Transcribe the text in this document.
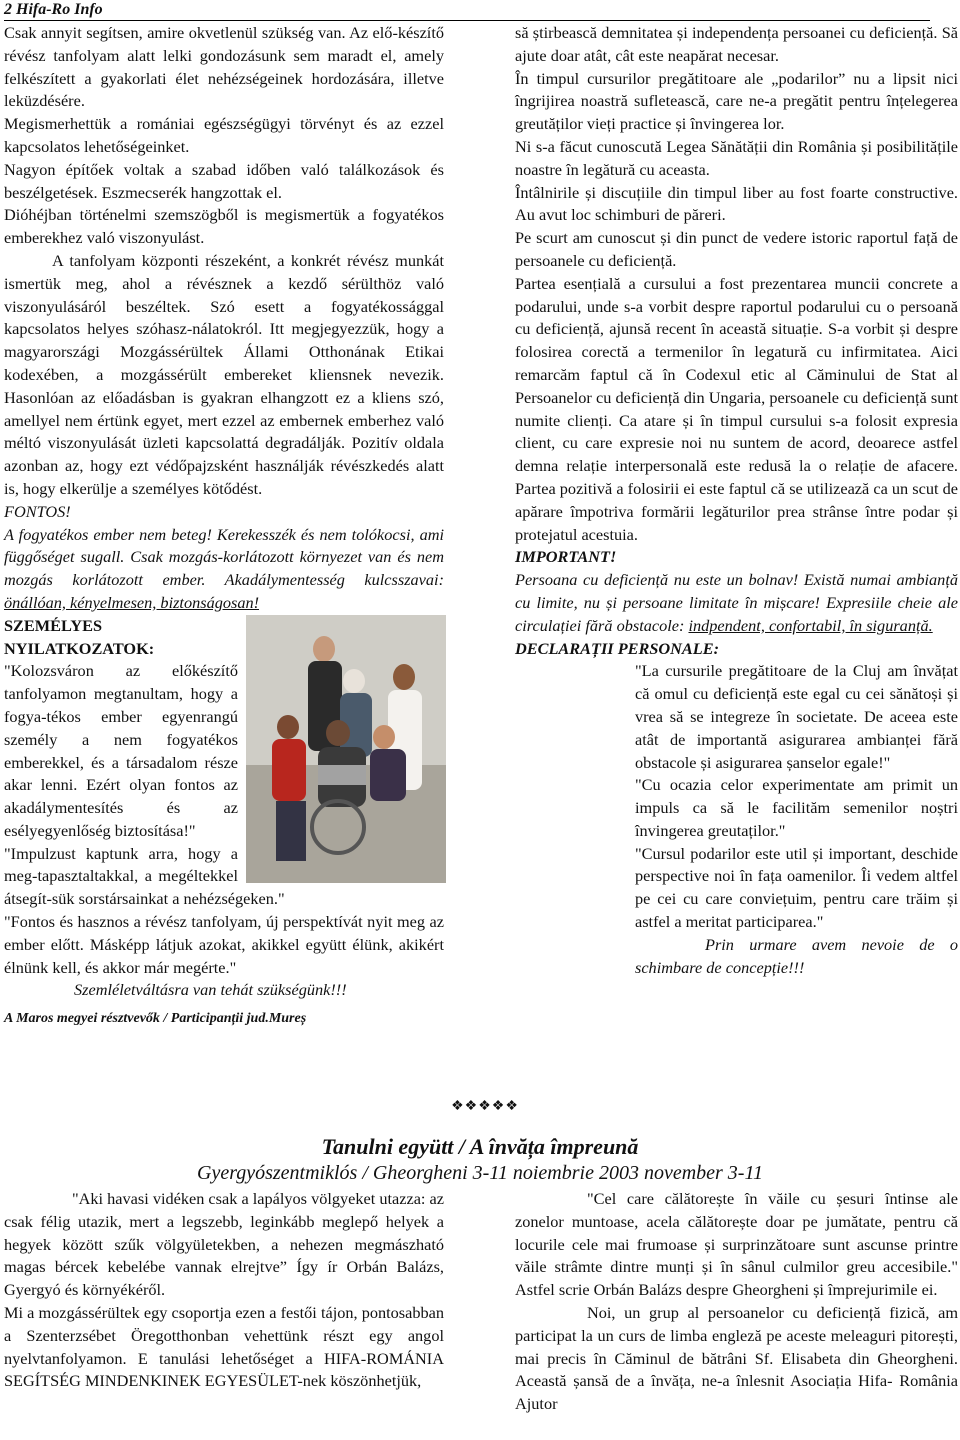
2 Hifa-Ro Info

Csak annyit segítsen, amire okvetlenül szükség van. Az elő-készítő révész tanfolyam alatt lelki gondozásunk sem maradt el, amely felkészített a gyakorlati élet nehézségeinek hordozására, illetve leküzdésére.

Megismerhettük a romániai egészségügyi törvényt és az ezzel kapcsolatos lehetőségeinket.

Nagyon építőek voltak a szabad időben való találkozások és beszélgetések. Eszmecserék hangzottak el.

Dióhéjban történelmi szemszögből is megismertük a fogyatékos emberekhez való viszonyulást.

A tanfolyam központi részeként, a konkrét révész munkát ismertük meg, ahol a révésznek a kezdő sérülthöz való viszonyulásáról beszéltek. Szó esett a fogyatékossággal kapcsolatos helyes szóhasz-nálatokról. Itt megjegyezzük, hogy a magyarországi Mozgássérültek Állami Otthonának Etikai kodexében, a mozgássérült embereket kliensnek nevezik. Hasonlóan az előadásban is gyakran elhangzott ez a kliens szó, amellyel nem értünk egyet, mert ezzel az embernek emberhez való méltó viszonyulását üzleti kapcsolattá degradálják. Pozitív oldala azonban az, hogy ezt védőpajzsként használják révészkedés alatt is, hogy elkerülje a személyes kötődést.

FONTOS!

A fogyatékos ember nem beteg! Kerekesszék és nem tolókocsi, ami függőséget sugall. Csak mozgás-korlátozott környezet van és nem mozgás korlátozott ember. Akadálymentesség kulcsszavai: önállóan, kényelmesen, biztonságosan!

SZEMÉLYES NYILATKOZATOK: "Kolozsváron az előkészítő tanfolyamon megtanultam, hogy a fogya-tékos ember egyenrangú személy a nem fogyatékos emberekkel, és a társadalom része akar lenni. Ezért olyan fontos az akadálymentesítés és az esélyegyenlőség biztosítása!"

"Impulzust kaptunk arra, hogy a meg-tapasztaltakkal, a megéltekkel átsegít-sük sorstársainkat a nehézségeken."

"Fontos és hasznos a révész tanfolyam, új perspektívát nyit meg az ember előtt. Másképp látjuk azokat, akikkel együtt élünk, akikért élnünk kell, és akkor már megérte."

Szemléletváltásra van tehát szükségünk!!!

A Maros megyei résztvevők / Participanții jud.Mureș

să știrbească demnitatea și independența persoanei cu deficiență. Să ajute doar atât, cât este neapărat necesar.

În timpul cursurilor pregătitoare ale „podarilor” nu a lipsit nici îngrijirea noastră sufletească, care ne-a pregătit pentru înțelegerea greutăților vieți practice și învingerea lor.

Ni s-a făcut cunoscută Legea Sănătății din România și posibilitățile noastre în legătură cu aceasta.

Întâlnirile și discuțiile din timpul liber au fost foarte constructive. Au avut loc schimburi de păreri.

Pe scurt am cunoscut și din punct de vedere istoric raportul față de persoanele cu deficiență.

Partea esențială a cursului a fost prezentarea muncii concrete a podarului, unde s-a vorbit despre raportul podarului cu o persoană cu deficiență, ajunsă recent în această situație. S-a vorbit și despre folosirea corectă a termenilor în legatură cu infirmitatea. Aici remarcăm faptul că în Codexul etic al Căminului de Stat al Persoanelor cu deficiență din Ungaria, persoanele cu deficiență sunt numite clienți. Ca atare și în timpul cursului s-a folosit expresia client, cu care expresie noi nu suntem de acord, deoarece astfel demna relație interpersonală este redusă la o relație de afacere. Partea pozitivă a folosirii ei este faptul că se utilizează ca un scut de apărare împotriva formării legăturilor prea strânse între podar și protejatul acestuia.

IMPORTANT!

Persoana cu deficiență nu este un bolnav! Există numai ambianță cu limite, nu și persoane limitate în mișcare! Expresiile cheie ale circulației fără obstacole: indpendent, confortabil, în siguranță.

DECLARAȚII PERSONALE:

"La cursurile pregătitoare de la Cluj am învățat că omul cu deficiență este egal cu cei sănătoși și vrea să se integreze în societate. De aceea este atât de importantă asigurarea ambianței fără obstacole și asigurarea șanselor egale!"

"Cu ocazia celor experimentate am primit un impuls ca să le facilităm semenilor noștri învingerea greutaților."

"Cursul podarilor este util și important, deschide perspective noi în fața oamenilor. Îi vedem altfel pe cei cu care conviețuim, pentru care trăim și astfel a meritat participarea."

Prin urmare avem nevoie de o schimbare de concepție!!!

❖❖❖❖❖
Tanulni együtt / A învăța împreună
Gyergyószentmiklós / Gheorgheni 3-11 noiembrie 2003 november 3-11

"Aki havasi vidéken csak a lapályos völgyeket utazza: az csak félig utazik, mert a legszebb, leginkább meglepő helyek a hegyek között szűk völgyületekben, a nehezen megmászható magas bércek kebelébe vannak elrejtve” Így ír Orbán Balázs, Gyergyó és környékéről.

Mi a mozgássérültek egy csoportja ezen a festői tájon, pontosabban a Szenterzsébet Öregotthonban vehettünk részt egy angol nyelvtanfolyamon. E tanulási lehetőséget a HIFA-ROMÁNIA SEGÍTSÉG MINDENKINEK EGYESÜLET-nek köszönhetjük,

"Cel care călătorește în văile cu șesuri întinse ale zonelor muntoase, acela călătorește doar pe jumătate, pentru că locurile cele mai frumoase și surprinzătoare sunt ascunse printre văile strâmte dintre munți și în sânul culmilor greu accesibile." Astfel scrie Orbán Balázs despre Gheorgheni și împrejurimile ei.

Noi, un grup al persoanelor cu deficiență fizică, am participat la un curs de limba engleză pe aceste meleaguri pitorești, mai precis în Căminul de bătrâni Sf. Elisabeta din Gheorgheni. Această șansă de a învăța, ne-a înlesnit Asociația Hifa- România Ajutor
